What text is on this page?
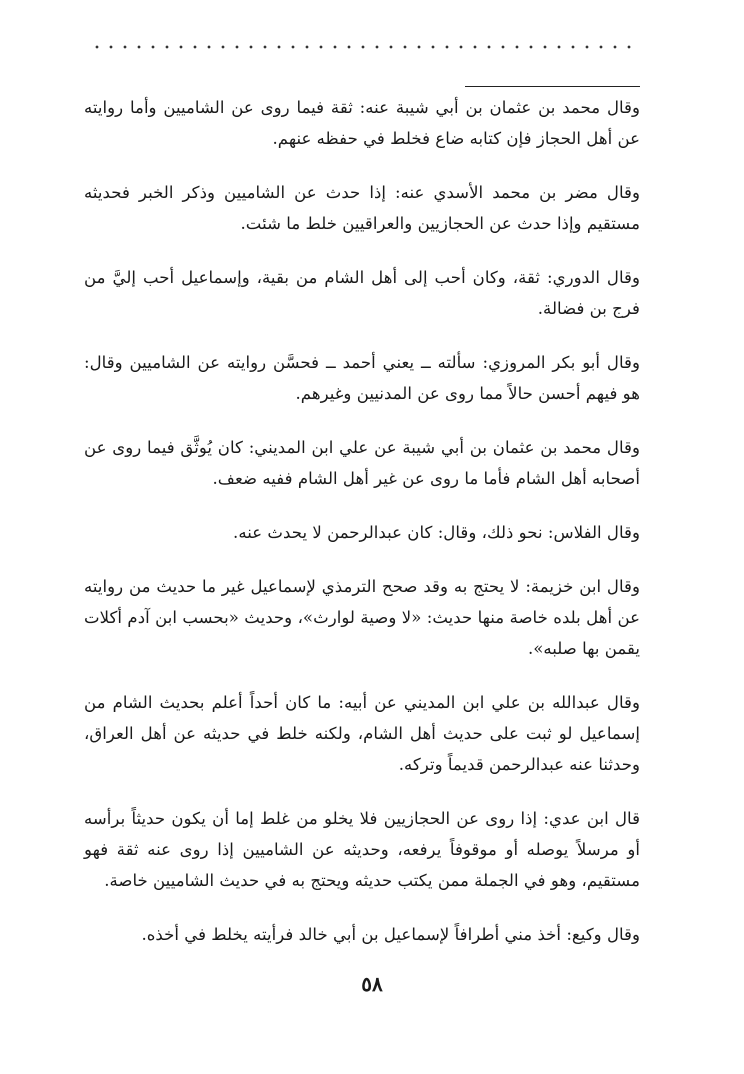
وقال محمد بن عثمان بن أبي شيبة عنه: ثقة فيما روى عن الشاميين وأما روايته عن أهل الحجاز فإن كتابه ضاع فخلط في حفظه عنهم.

وقال مضر بن محمد الأسدي عنه: إذا حدث عن الشاميين وذكر الخبر فحديثه مستقيم وإذا حدث عن الحجازيين والعراقيين خلط ما شئت.

وقال الدوري: ثقة، وكان أحب إلى أهل الشام من بقية، وإسماعيل أحب إليَّ من فرج بن فضالة.

وقال أبو بكر المروزي: سألته ــ يعني أحمد ــ فحسَّن روايته عن الشاميين وقال: هو فيهم أحسن حالاً مما روى عن المدنيين وغيرهم.

وقال محمد بن عثمان بن أبي شيبة عن علي ابن المديني: كان يُوثَّق فيما روى عن أصحابه أهل الشام فأما ما روى عن غير أهل الشام ففيه ضعف.

وقال الفلاس: نحو ذلك، وقال: كان عبدالرحمن لا يحدث عنه.

وقال ابن خزيمة: لا يحتج به وقد صحح الترمذي لإسماعيل غير ما حديث من روايته عن أهل بلده خاصة منها حديث: «لا وصية لوارث»، وحديث «بحسب ابن آدم أكلات يقمن بها صلبه».

وقال عبدالله بن علي ابن المديني عن أبيه: ما كان أحداً أعلم بحديث الشام من إسماعيل لو ثبت على حديث أهل الشام، ولكنه خلط في حديثه عن أهل العراق، وحدثنا عنه عبدالرحمن قديماً وتركه.

قال ابن عدي: إذا روى عن الحجازيين فلا يخلو من غلط إما أن يكون حديثاً برأسه أو مرسلاً يوصله أو موقوفاً يرفعه، وحديثه عن الشاميين إذا روى عنه ثقة فهو مستقيم، وهو في الجملة ممن يكتب حديثه ويحتج به في حديث الشاميين خاصة.

وقال وكيع: أخذ مني أطرافاً لإسماعيل بن أبي خالد فرأيته يخلط في أخذه.

٥٨
